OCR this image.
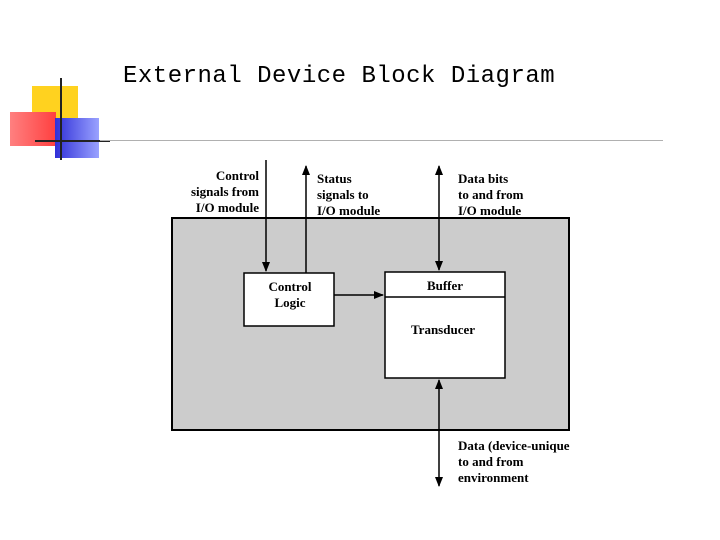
External Device Block Diagram
Control
Logic
Buffer
Transducer
Control
signals from
I/O module
Status
signals to
I/O module
Data bits
to and from
I/O module
Data (device-unique
to and from
environment
